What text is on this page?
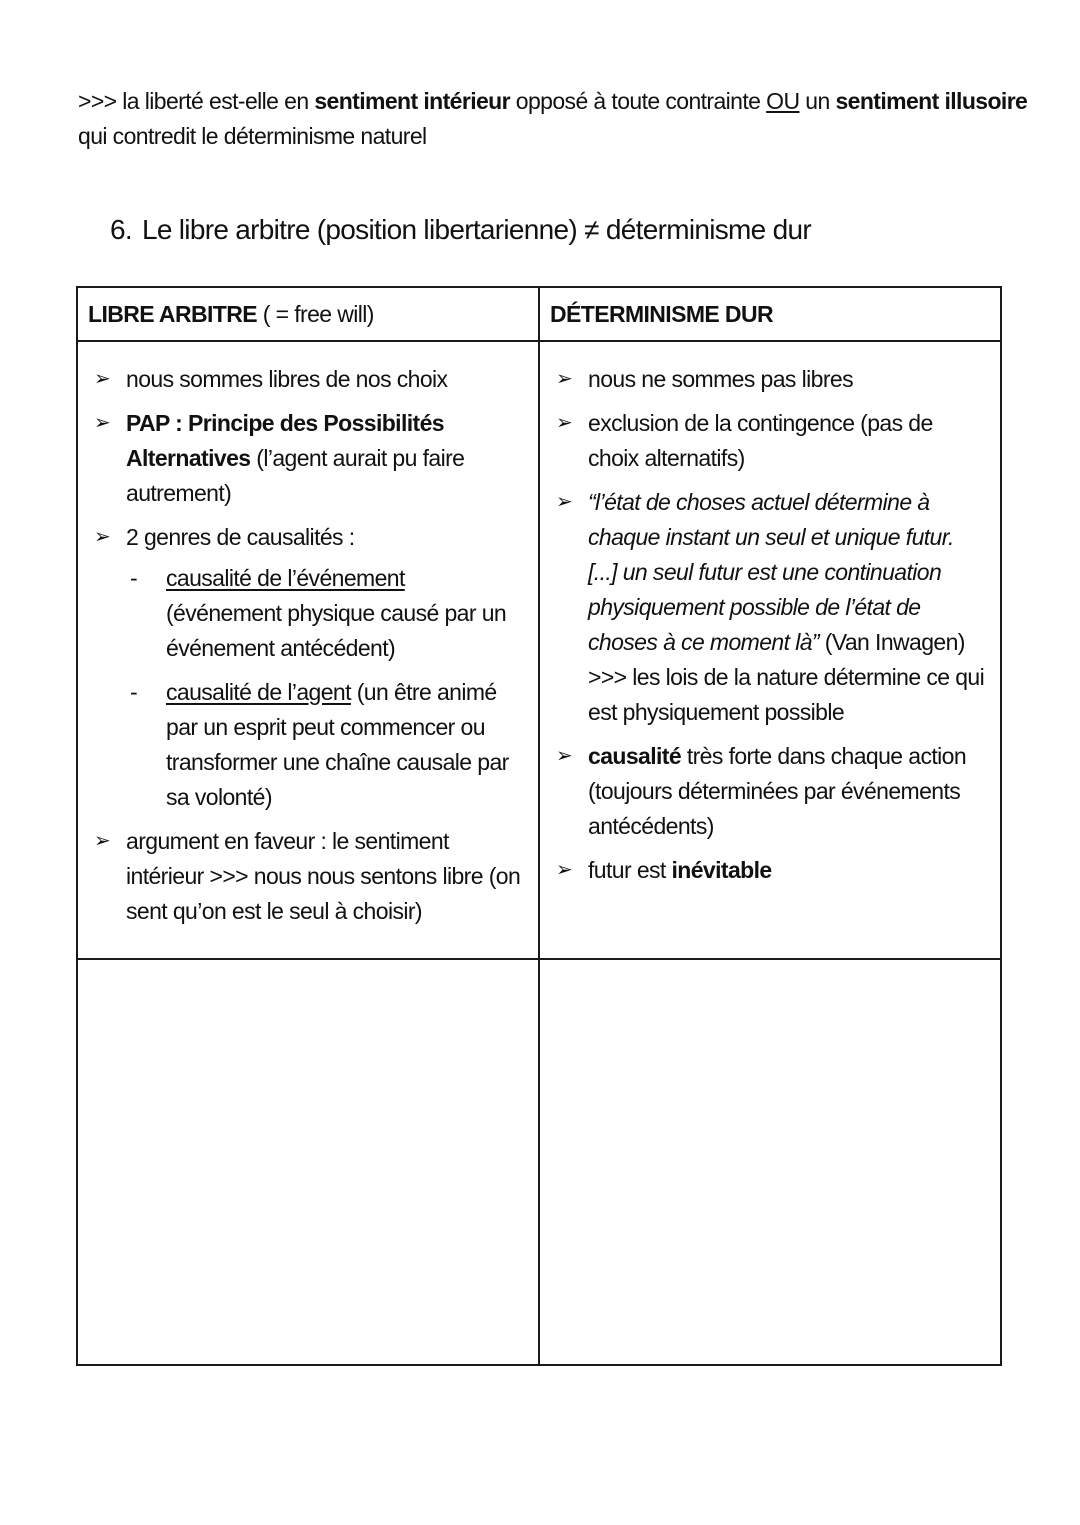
>>> la liberté est-elle en sentiment intérieur opposé à toute contrainte OU un sentiment illusoire qui contredit le déterminisme naturel
6. Le libre arbitre (position libertarienne) ≠ déterminisme dur
LIBRE ARBITRE ( = free will)	DÉTERMINISME DUR

➢ nous sommes libres de nos choix
➢ PAP : Principe des Possibilités Alternatives (l’agent aurait pu faire autrement)
➢ 2 genres de causalités :
- causalité de l’événement (événement physique causé par un événement antécédent)
- causalité de l’agent (un être animé par un esprit peut commencer ou transformer une chaîne causale par sa volonté)
➢ argument en faveur : le sentiment intérieur >>> nous nous sentons libre (on sent qu’on est le seul à choisir)

➢ nous ne sommes pas libres
➢ exclusion de la contingence (pas de choix alternatifs)
➢ “l’état de choses actuel détermine à chaque instant un seul et unique futur. [...] un seul futur est une continuation physiquement possible de l’état de choses à ce moment là” (Van Inwagen)
>>> les lois de la nature détermine ce qui est physiquement possible
➢ causalité très forte dans chaque action (toujours déterminées par événements antécédents)
➢ futur est inévitable
